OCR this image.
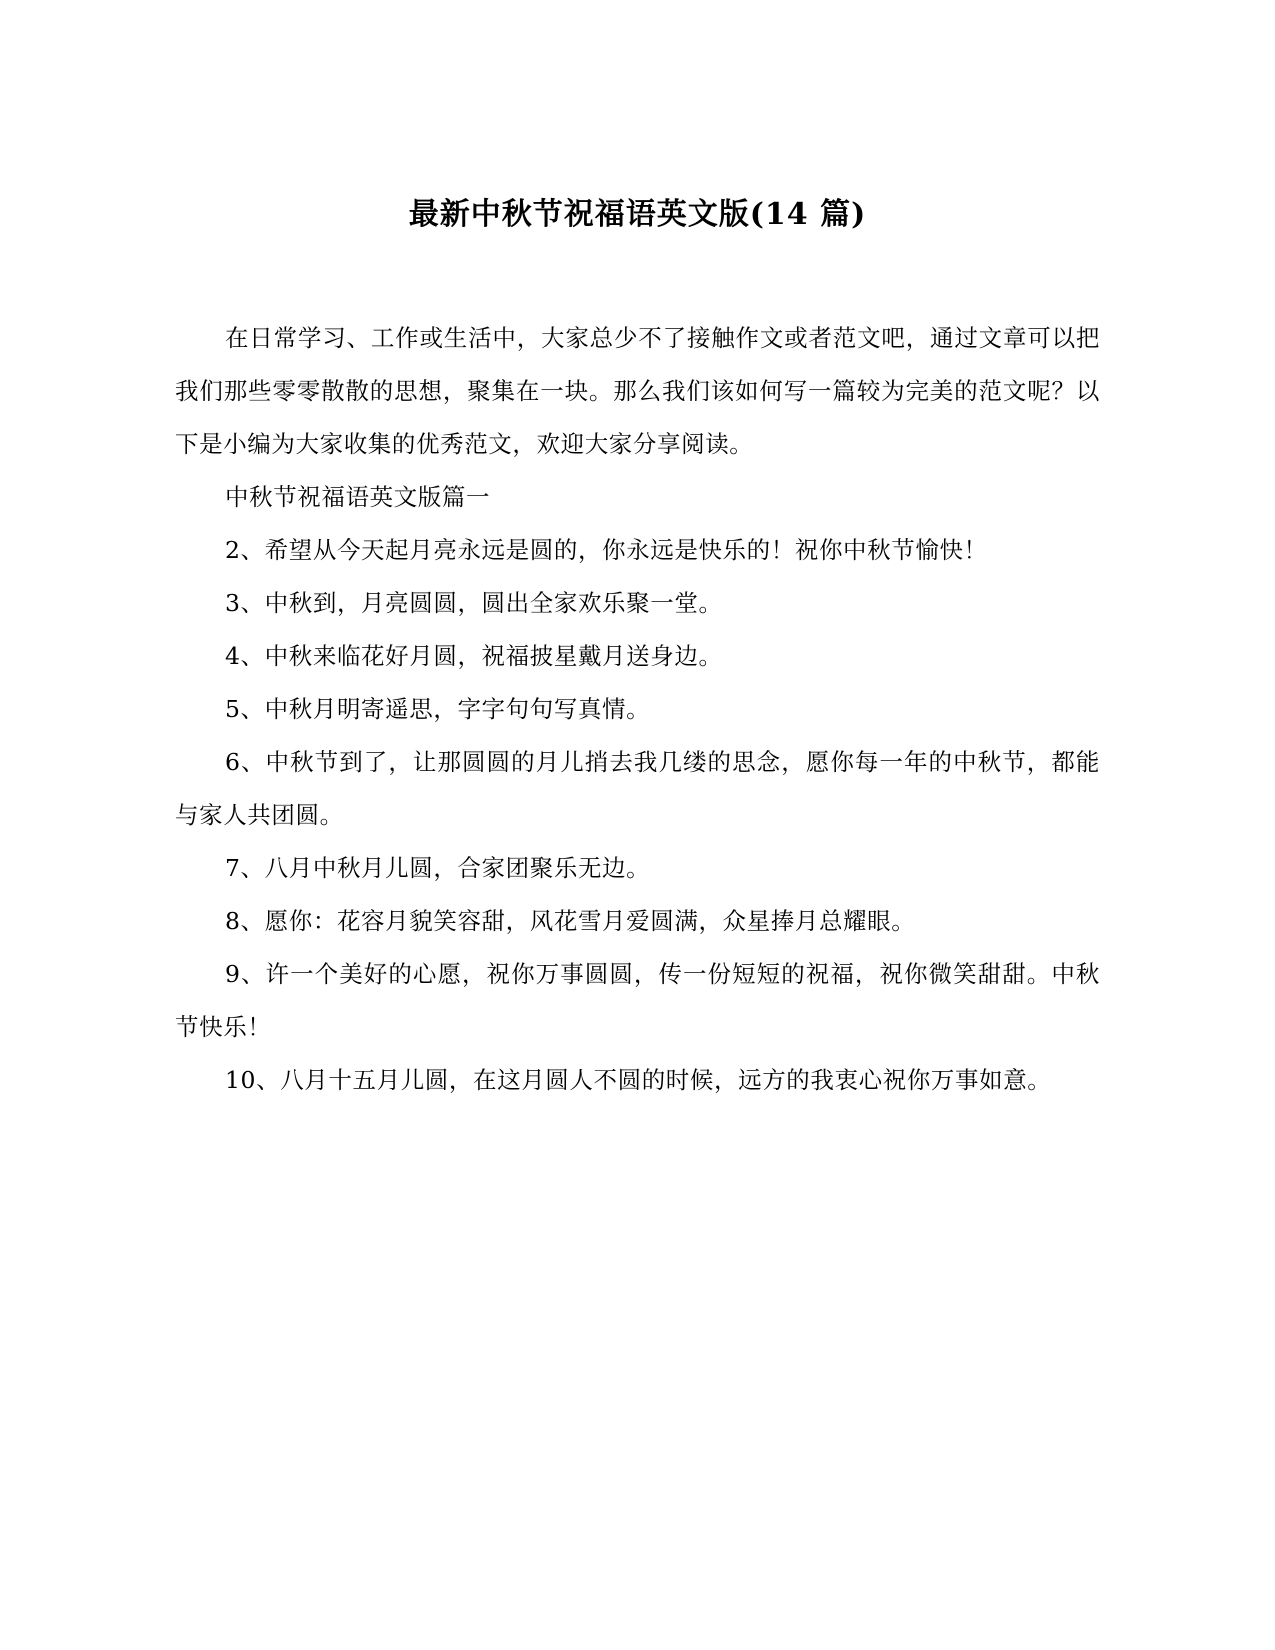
最新中秋节祝福语英文版(14 篇)

在日常学习、工作或生活中，大家总少不了接触作文或者范文吧，通过文章可以把我们那些零零散散的思想，聚集在一块。那么我们该如何写一篇较为完美的范文呢？以下是小编为大家收集的优秀范文，欢迎大家分享阅读。

中秋节祝福语英文版篇一

2、希望从今天起月亮永远是圆的，你永远是快乐的！祝你中秋节愉快！

3、中秋到，月亮圆圆，圆出全家欢乐聚一堂。

4、中秋来临花好月圆，祝福披星戴月送身边。

5、中秋月明寄遥思，字字句句写真情。

6、中秋节到了，让那圆圆的月儿捎去我几缕的思念，愿你每一年的中秋节，都能与家人共团圆。

7、八月中秋月儿圆，合家团聚乐无边。

8、愿你：花容月貌笑容甜，风花雪月爱圆满，众星捧月总耀眼。

9、许一个美好的心愿，祝你万事圆圆，传一份短短的祝福，祝你微笑甜甜。中秋节快乐！

10、八月十五月儿圆，在这月圆人不圆的时候，远方的我衷心祝你万事如意。
